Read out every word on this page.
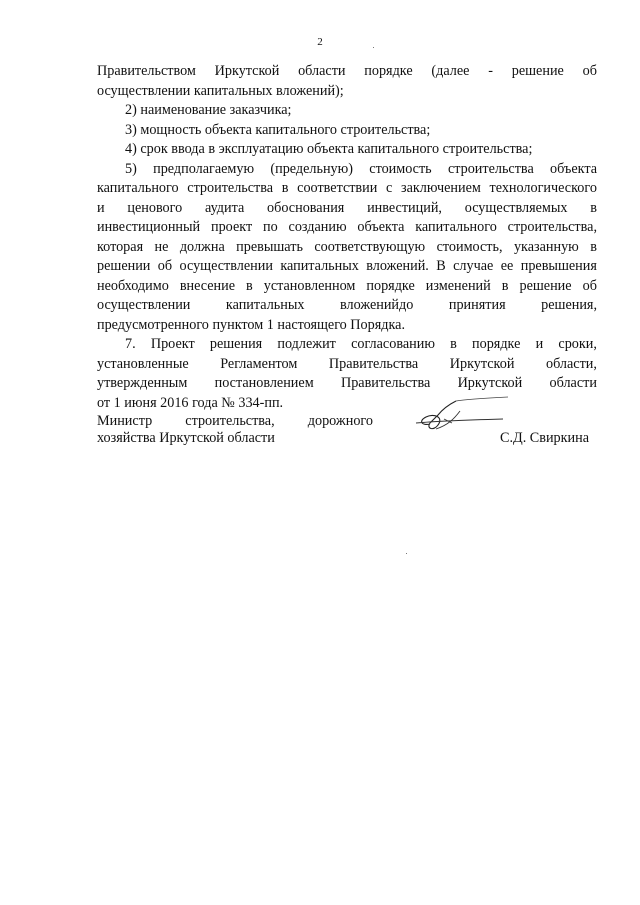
2
Правительством Иркутской области порядке (далее - решение об
осуществлении капитальных вложений);
2) наименование заказчика;
3) мощность объекта капитального строительства;
4) срок ввода в эксплуатацию объекта капитального строительства;
5) предполагаемую (предельную) стоимость строительства объекта
капитального строительства в соответствии с заключением технологического
и ценового аудита обоснования инвестиций, осуществляемых в
инвестиционный проект по созданию объекта капитального строительства,
которая не должна превышать соответствующую стоимость, указанную в
решении об осуществлении капитальных вложений. В случае ее превышения
необходимо внесение в установленном порядке изменений в решение об
осуществлении	капитальных	вложенийдо	принятия	решения,
предусмотренного пунктом 1 настоящего Порядка.
7. Проект решения подлежит согласованию в порядке и сроки,
установленные Регламентом Правительства Иркутской области,
утвержденным постановлением Правительства Иркутской области
от 1 июня 2016 года № 334-пп.
Министр строительства, дорожного
хозяйства Иркутской области	С.Д. Свиркина
